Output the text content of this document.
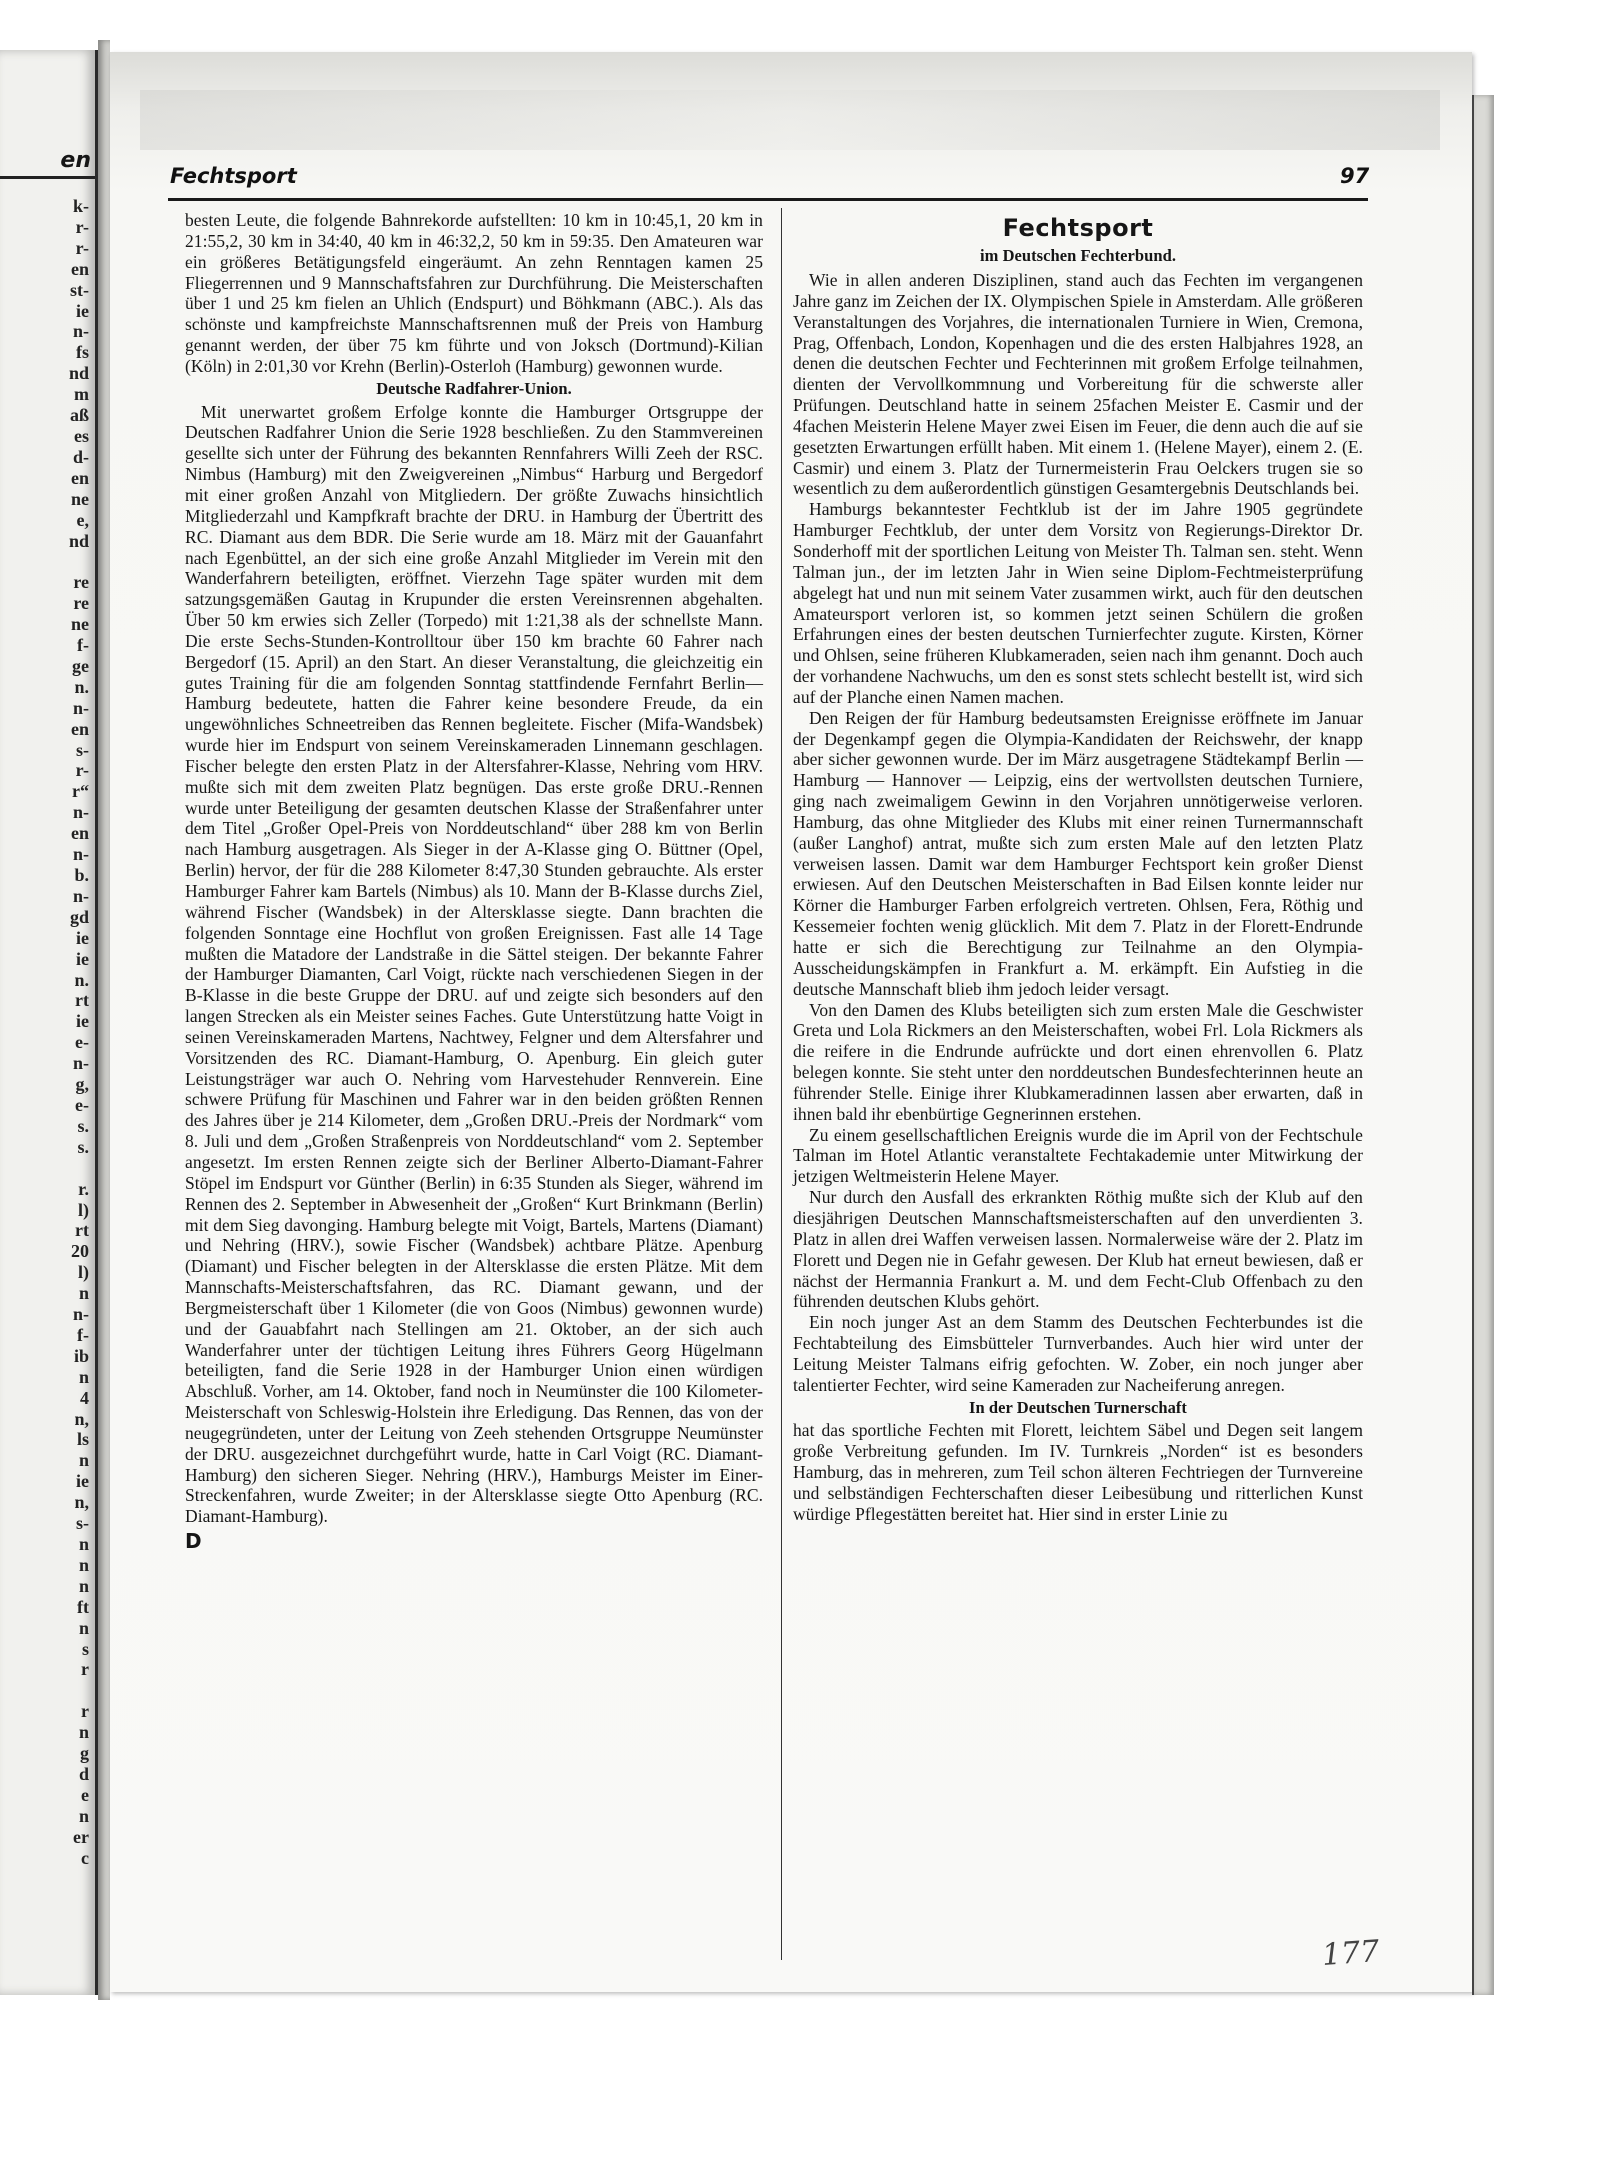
en
k-
r-
r-
en
st-
ie
n-
fs
nd
m
aß
es
d-
en
ne
e,
nd

re
re
ne
f-
ge
n.
n-
en
s-
r-
r“
n-
en
n-
b.
n-
gd
ie
ie
n.
rt
ie
e-
n-
g,
e-
s.
s.

r.
l)
rt
20
l)
n
n-
f-
ib
n
4
n,
ls
n
ie
n,
s-
n
n
n
ft
n
s
r

r
n
g
d
e
n
er
c
Fechtsport	97

besten Leute, die folgende Bahnrekorde aufstellten: 10 km in 10:45,1, 20 km in 21:55,2, 30 km in 34:40, 40 km in 46:32,2, 50 km in 59:35. Den Amateuren war ein größeres Betätigungsfeld eingeräumt. An zehn Renntagen kamen 25 Fliegerrennen und 9 Mannschaftsfahren zur Durchführung. Die Meisterschaften über 1 und 25 km fielen an Uhlich (Endspurt) und Böhkmann (ABC.). Als das schönste und kampfreichste Mannschaftsrennen muß der Preis von Hamburg genannt werden, der über 75 km führte und von Joksch (Dortmund)-Kilian (Köln) in 2:01,30 vor Krehn (Berlin)-Osterloh (Hamburg) gewonnen wurde.

Deutsche Radfahrer-Union.

Mit unerwartet großem Erfolge konnte die Hamburger Ortsgruppe der Deutschen Radfahrer Union die Serie 1928 beschließen. Zu den Stammvereinen gesellte sich unter der Führung des bekannten Rennfahrers Willi Zeeh der RSC. Nimbus (Hamburg) mit den Zweigvereinen „Nimbus“ Harburg und Bergedorf mit einer großen Anzahl von Mitgliedern. Der größte Zuwachs hinsichtlich Mitgliederzahl und Kampfkraft brachte der DRU. in Hamburg der Übertritt des RC. Diamant aus dem BDR. Die Serie wurde am 18. März mit der Gauanfahrt nach Egenbüttel, an der sich eine große Anzahl Mitglieder im Verein mit den Wanderfahrern beteiligten, eröffnet. Vierzehn Tage später wurden mit dem satzungsgemäßen Gautag in Krupunder die ersten Vereinsrennen abgehalten. Über 50 km erwies sich Zeller (Torpedo) mit 1:21,38 als der schnellste Mann. Die erste Sechs-Stunden-Kontrolltour über 150 km brachte 60 Fahrer nach Bergedorf (15. April) an den Start. An dieser Veranstaltung, die gleichzeitig ein gutes Training für die am folgenden Sonntag stattfindende Fernfahrt Berlin—Hamburg bedeutete, hatten die Fahrer keine besondere Freude, da ein ungewöhnliches Schneetreiben das Rennen begleitete. Fischer (Mifa-Wandsbek) wurde hier im Endspurt von seinem Vereinskameraden Linnemann geschlagen. Fischer belegte den ersten Platz in der Altersfahrer-Klasse, Nehring vom HRV. mußte sich mit dem zweiten Platz begnügen. Das erste große DRU.-Rennen wurde unter Beteiligung der gesamten deutschen Klasse der Straßenfahrer unter dem Titel „Großer Opel-Preis von Norddeutschland“ über 288 km von Berlin nach Hamburg ausgetragen. Als Sieger in der A-Klasse ging O. Büttner (Opel, Berlin) hervor, der für die 288 Kilometer 8:47,30 Stunden gebrauchte. Als erster Hamburger Fahrer kam Bartels (Nimbus) als 10. Mann der B-Klasse durchs Ziel, während Fischer (Wandsbek) in der Altersklasse siegte. Dann brachten die folgenden Sonntage eine Hochflut von großen Ereignissen. Fast alle 14 Tage mußten die Matadore der Landstraße in die Sättel steigen. Der bekannte Fahrer der Hamburger Diamanten, Carl Voigt, rückte nach verschiedenen Siegen in der B-Klasse in die beste Gruppe der DRU. auf und zeigte sich besonders auf den langen Strecken als ein Meister seines Faches. Gute Unterstützung hatte Voigt in seinen Vereinskameraden Martens, Nachtwey, Felgner und dem Altersfahrer und Vorsitzenden des RC. Diamant-Hamburg, O. Apenburg. Ein gleich guter Leistungsträger war auch O. Nehring vom Harvestehuder Rennverein. Eine schwere Prüfung für Maschinen und Fahrer war in den beiden größten Rennen des Jahres über je 214 Kilometer, dem „Großen DRU.-Preis der Nordmark“ vom 8. Juli und dem „Großen Straßenpreis von Norddeutschland“ vom 2. September angesetzt. Im ersten Rennen zeigte sich der Berliner Alberto-Diamant-Fahrer Stöpel im Endspurt vor Günther (Berlin) in 6:35 Stunden als Sieger, während im Rennen des 2. September in Abwesenheit der „Großen“ Kurt Brinkmann (Berlin) mit dem Sieg davonging. Hamburg belegte mit Voigt, Bartels, Martens (Diamant) und Nehring (HRV.), sowie Fischer (Wandsbek) achtbare Plätze. Apenburg (Diamant) und Fischer belegten in der Altersklasse die ersten Plätze. Mit dem Mannschafts-Meisterschaftsfahren, das RC. Diamant gewann, und der Bergmeisterschaft über 1 Kilometer (die von Goos (Nimbus) gewonnen wurde) und der Gauabfahrt nach Stellingen am 21. Oktober, an der sich auch Wanderfahrer unter der tüchtigen Leitung ihres Führers Georg Hügelmann beteiligten, fand die Serie 1928 in der Hamburger Union einen würdigen Abschluß. Vorher, am 14. Oktober, fand noch in Neumünster die 100 Kilometer-Meisterschaft von Schleswig-Holstein ihre Erledigung. Das Rennen, das von der neugegründeten, unter der Leitung von Zeeh stehenden Ortsgruppe Neumünster der DRU. ausgezeichnet durchgeführt wurde, hatte in Carl Voigt (RC. Diamant-Hamburg) den sicheren Sieger. Nehring (HRV.), Hamburgs Meister im Einer-Streckenfahren, wurde Zweiter; in der Altersklasse siegte Otto Apenburg (RC. Diamant-Hamburg).

D
Fechtsport
im Deutschen Fechterbund.

Wie in allen anderen Disziplinen, stand auch das Fechten im vergangenen Jahre ganz im Zeichen der IX. Olympischen Spiele in Amsterdam. Alle größeren Veranstaltungen des Vorjahres, die internationalen Turniere in Wien, Cremona, Prag, Offenbach, London, Kopenhagen und die des ersten Halbjahres 1928, an denen die deutschen Fechter und Fechterinnen mit großem Erfolge teilnahmen, dienten der Vervollkommnung und Vorbereitung für die schwerste aller Prüfungen. Deutschland hatte in seinem 25fachen Meister E. Casmir und der 4fachen Meisterin Helene Mayer zwei Eisen im Feuer, die denn auch die auf sie gesetzten Erwartungen erfüllt haben. Mit einem 1. (Helene Mayer), einem 2. (E. Casmir) und einem 3. Platz der Turnermeisterin Frau Oelckers trugen sie so wesentlich zu dem außerordentlich günstigen Gesamtergebnis Deutschlands bei.

Hamburgs bekanntester Fechtklub ist der im Jahre 1905 gegründete Hamburger Fechtklub, der unter dem Vorsitz von Regierungs-Direktor Dr. Sonderhoff mit der sportlichen Leitung von Meister Th. Talman sen. steht. Wenn Talman jun., der im letzten Jahr in Wien seine Diplom-Fechtmeisterprüfung abgelegt hat und nun mit seinem Vater zusammen wirkt, auch für den deutschen Amateursport verloren ist, so kommen jetzt seinen Schülern die großen Erfahrungen eines der besten deutschen Turnierfechter zugute. Kirsten, Körner und Ohlsen, seine früheren Klubkameraden, seien nach ihm genannt. Doch auch der vorhandene Nachwuchs, um den es sonst stets schlecht bestellt ist, wird sich auf der Planche einen Namen machen.

Den Reigen der für Hamburg bedeutsamsten Ereignisse eröffnete im Januar der Degenkampf gegen die Olympia-Kandidaten der Reichswehr, der knapp aber sicher gewonnen wurde. Der im März ausgetragene Städtekampf Berlin — Hamburg — Hannover — Leipzig, eins der wertvollsten deutschen Turniere, ging nach zweimaligem Gewinn in den Vorjahren unnötigerweise verloren. Hamburg, das ohne Mitglieder des Klubs mit einer reinen Turnermannschaft (außer Langhof) antrat, mußte sich zum ersten Male auf den letzten Platz verweisen lassen. Damit war dem Hamburger Fechtsport kein großer Dienst erwiesen. Auf den Deutschen Meisterschaften in Bad Eilsen konnte leider nur Körner die Hamburger Farben erfolgreich vertreten. Ohlsen, Fera, Röthig und Kessemeier fochten wenig glücklich. Mit dem 7. Platz in der Florett-Endrunde hatte er sich die Berechtigung zur Teilnahme an den Olympia-Ausscheidungskämpfen in Frankfurt a. M. erkämpft. Ein Aufstieg in die deutsche Mannschaft blieb ihm jedoch leider versagt.

Von den Damen des Klubs beteiligten sich zum ersten Male die Geschwister Greta und Lola Rickmers an den Meisterschaften, wobei Frl. Lola Rickmers als die reifere in die Endrunde aufrückte und dort einen ehrenvollen 6. Platz belegen konnte. Sie steht unter den norddeutschen Bundesfechterinnen heute an führender Stelle. Einige ihrer Klubkameradinnen lassen aber erwarten, daß in ihnen bald ihr ebenbürtige Gegnerinnen erstehen.

Zu einem gesellschaftlichen Ereignis wurde die im April von der Fechtschule Talman im Hotel Atlantic veranstaltete Fechtakademie unter Mitwirkung der jetzigen Weltmeisterin Helene Mayer.

Nur durch den Ausfall des erkrankten Röthig mußte sich der Klub auf den diesjährigen Deutschen Mannschaftsmeisterschaften auf den unverdienten 3. Platz in allen drei Waffen verweisen lassen. Normalerweise wäre der 2. Platz im Florett und Degen nie in Gefahr gewesen. Der Klub hat erneut bewiesen, daß er nächst der Hermannia Frankurt a. M. und dem Fecht-Club Offenbach zu den führenden deutschen Klubs gehört.

Ein noch junger Ast an dem Stamm des Deutschen Fechterbundes ist die Fechtabteilung des Eimsbütteler Turnverbandes. Auch hier wird unter der Leitung Meister Talmans eifrig gefochten. W. Zober, ein noch junger aber talentierter Fechter, wird seine Kameraden zur Nacheiferung anregen.

In der Deutschen Turnerschaft

hat das sportliche Fechten mit Florett, leichtem Säbel und Degen seit langem große Verbreitung gefunden. Im IV. Turnkreis „Norden“ ist es besonders Hamburg, das in mehreren, zum Teil schon älteren Fechtriegen der Turnvereine und selbständigen Fechterschaften dieser Leibesübung und ritterlichen Kunst würdige Pflegestätten bereitet hat. Hier sind in erster Linie zu

177
